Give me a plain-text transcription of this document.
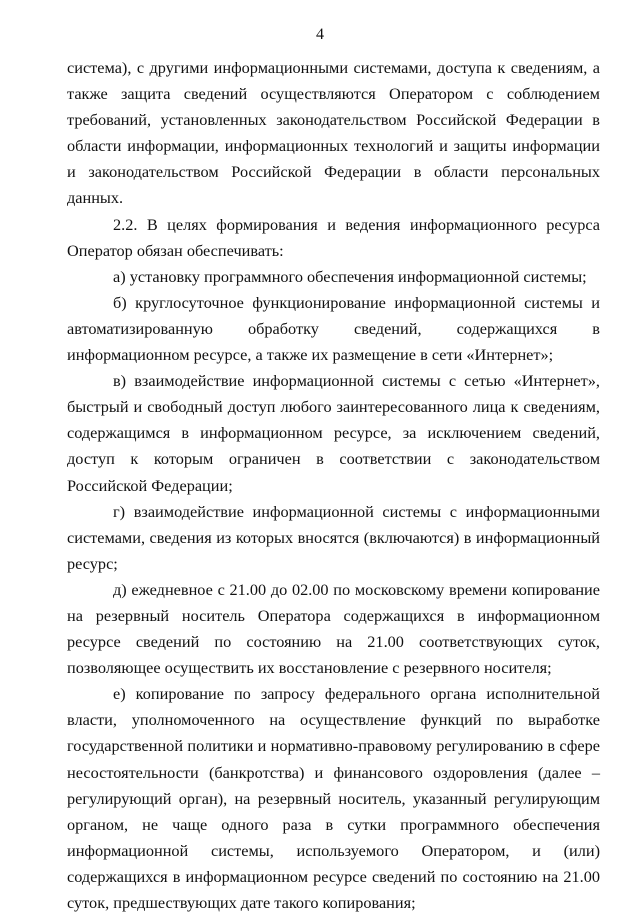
4

система), с другими информационными системами, доступа к сведениям, а также защита сведений осуществляются Оператором с соблюдением требований, установленных законодательством Российской Федерации в области информации, информационных технологий и защиты информации и законодательством Российской Федерации в области персональных данных.

2.2. В целях формирования и ведения информационного ресурса Оператор обязан обеспечивать:

а) установку программного обеспечения информационной системы;

б) круглосуточное функционирование информационной системы и автоматизированную обработку сведений, содержащихся в информационном ресурсе, а также их размещение в сети «Интернет»;

в) взаимодействие информационной системы с сетью «Интернет», быстрый и свободный доступ любого заинтересованного лица к сведениям, содержащимся в информационном ресурсе, за исключением сведений, доступ к которым ограничен в соответствии с законодательством Российской Федерации;

г) взаимодействие информационной системы с информационными системами, сведения из которых вносятся (включаются) в информационный ресурс;

д) ежедневное с 21.00 до 02.00 по московскому времени копирование на резервный носитель Оператора содержащихся в информационном ресурсе сведений по состоянию на 21.00 соответствующих суток, позволяющее осуществить их восстановление с резервного носителя;

е) копирование по запросу федерального органа исполнительной власти, уполномоченного на осуществление функций по выработке государственной политики и нормативно-правовому регулированию в сфере несостоятельности (банкротства) и финансового оздоровления (далее – регулирующий орган), на резервный носитель, указанный регулирующим органом, не чаще одного раза в сутки программного обеспечения информационной системы, используемого Оператором, и (или) содержащихся в информационном ресурсе сведений по состоянию на 21.00 суток, предшествующих дате такого копирования;
